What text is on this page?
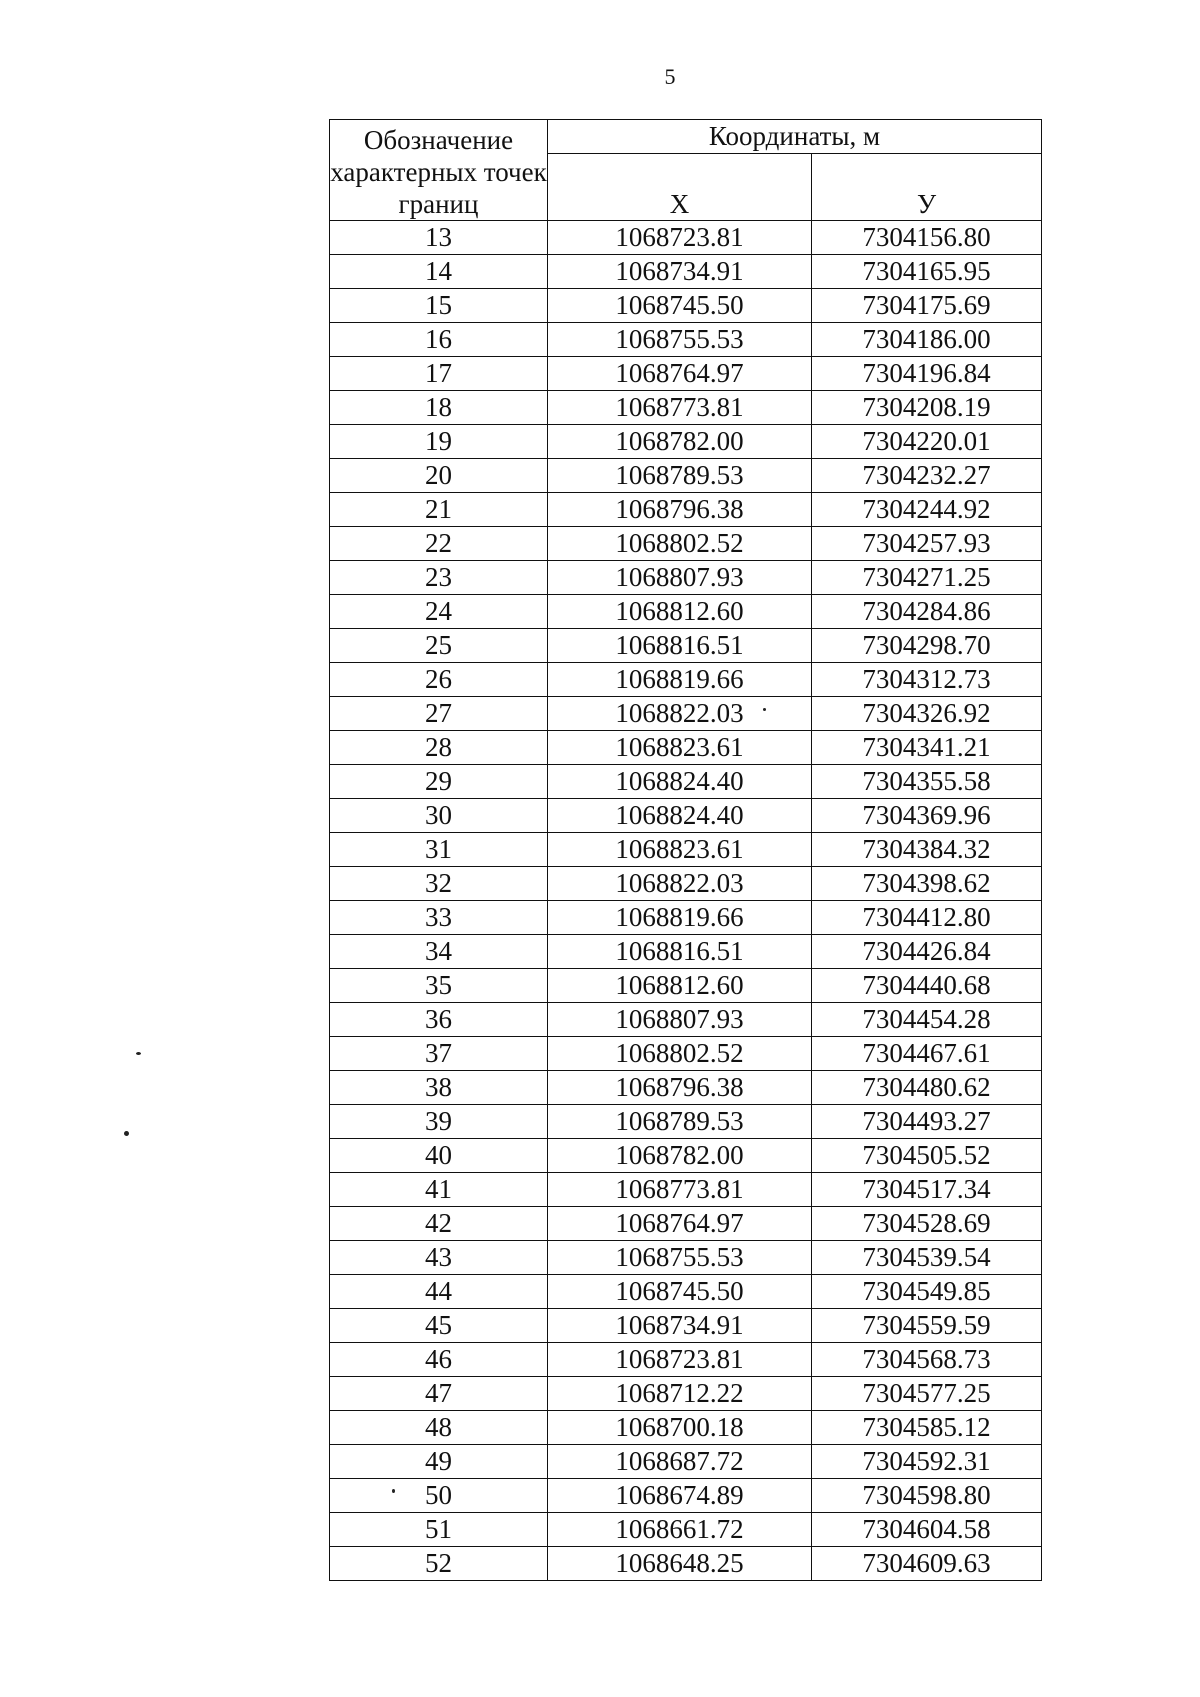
5
Обозначение характерных точек границ	Координаты, м	
	X	У
13	1068723.81	7304156.80
14	1068734.91	7304165.95
15	1068745.50	7304175.69
16	1068755.53	7304186.00
17	1068764.97	7304196.84
18	1068773.81	7304208.19
19	1068782.00	7304220.01
20	1068789.53	7304232.27
21	1068796.38	7304244.92
22	1068802.52	7304257.93
23	1068807.93	7304271.25
24	1068812.60	7304284.86
25	1068816.51	7304298.70
26	1068819.66	7304312.73
27	1068822.03	7304326.92
28	1068823.61	7304341.21
29	1068824.40	7304355.58
30	1068824.40	7304369.96
31	1068823.61	7304384.32
32	1068822.03	7304398.62
33	1068819.66	7304412.80
34	1068816.51	7304426.84
35	1068812.60	7304440.68
36	1068807.93	7304454.28
37	1068802.52	7304467.61
38	1068796.38	7304480.62
39	1068789.53	7304493.27
40	1068782.00	7304505.52
41	1068773.81	7304517.34
42	1068764.97	7304528.69
43	1068755.53	7304539.54
44	1068745.50	7304549.85
45	1068734.91	7304559.59
46	1068723.81	7304568.73
47	1068712.22	7304577.25
48	1068700.18	7304585.12
49	1068687.72	7304592.31
50	1068674.89	7304598.80
51	1068661.72	7304604.58
52	1068648.25	7304609.63
